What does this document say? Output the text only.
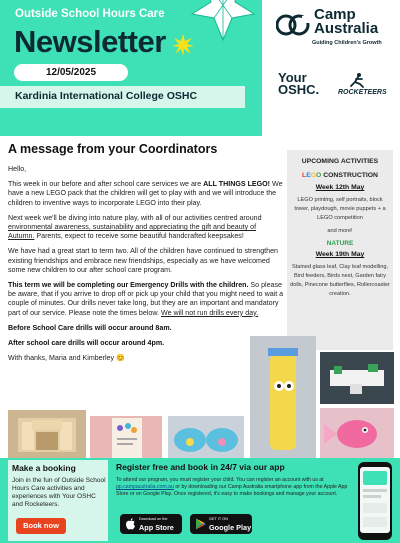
Outside School Hours Care
Newsletter
12/05/2025
Kardinia International College OSHC
Camp
Australia
Guiding Children's Growth
Your
OSHC.	ROCKETEERS
A message from your Coordinators

Hello,

This week in our before and after school care services we are ALL THINGS LEGO! We have a new LEGO pack that the children will get to play with and we will introduce the children to inventive ways to incorporate LEGO into their play.

Next week we'll be diving into nature play, with all of our activities centred around environmental awareness, sustainability and appreciating the gift and beauty of Autumn. Parents, expect to receive some beautiful handcrafted keepsakes!

We have had a great start to term two. All of the children have continued to strengthen existing friendships and embrace new friendships, especially as we have welcomed some new children to our after school care program.

This term we will be completing our Emergency Drills with the children. So please be aware, that if you arrive to drop off or pick up your child that you might need to wait a couple of minutes. Our drills never take long, but they are an important and mandatory part of our service. Please note the times below. We will not run drills every day.

Before School Care drills will occur around 8am.

After school care drills will occur around 4pm.

With thanks, Maria and Kimberley 😊

UPCOMING ACTIVITIES
LEGO CONSTRUCTION
Week 12th May
LEGO printing, self portraits, block tower, playdough, movie puppets + a LEGO competition
and more!
NATURE
Week 19th May
Stained glass leaf, Clay leaf modelling, Bird feeders, Birds nest, Garden fairy dolls, Pinecone butterflies, Rollercoaster creation.
Make a booking
Join in the fun of Outside School Hours Care activities and experiences with Your OSHC and Rocketeers.
Book now
Register free and book in 24/7 via our app
To attend our program, you must register your child. You can register an account with us at pp.campaustralia.com.au or by downloading our Camp Australia smartphone app from the Apple App Store or on Google Play. Once registered, it's easy to make bookings and manage your account.
Download on the
App Store
GET IT ON
Google Play
